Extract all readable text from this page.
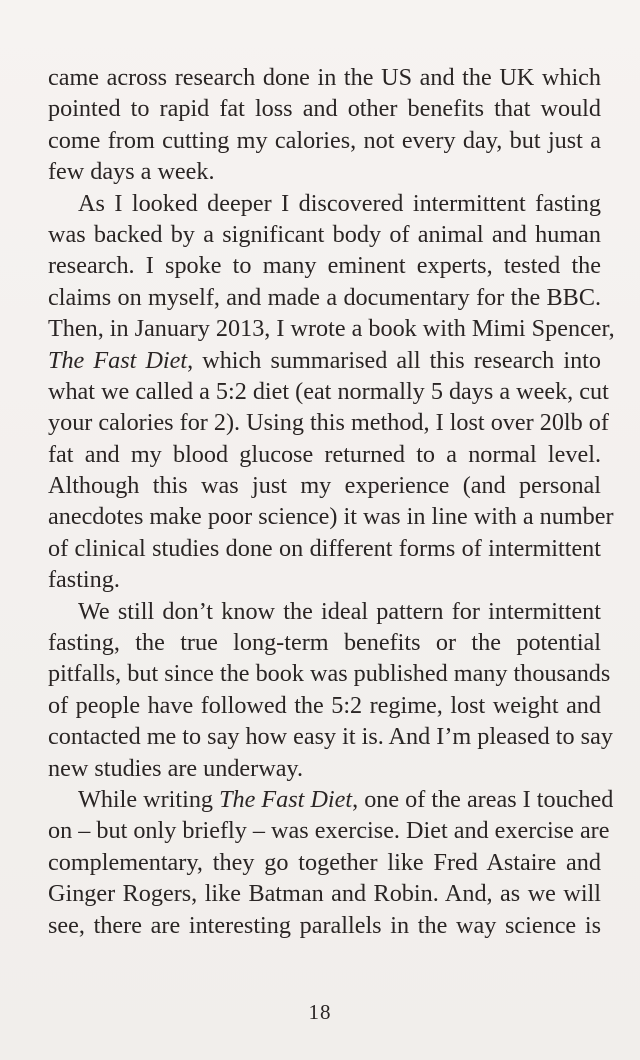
came across research done in the US and the UK which
pointed to rapid fat loss and other benefits that would
come from cutting my calories, not every day, but just a
few days a week.
As I looked deeper I discovered intermittent fasting
was backed by a significant body of animal and human
research. I spoke to many eminent experts, tested the
claims on myself, and made a documentary for the BBC.
Then, in January 2013, I wrote a book with Mimi Spencer,
The Fast Diet, which summarised all this research into
what we called a 5:2 diet (eat normally 5 days a week, cut
your calories for 2). Using this method, I lost over 20lb of
fat and my blood glucose returned to a normal level.
Although this was just my experience (and personal
anecdotes make poor science) it was in line with a number
of clinical studies done on different forms of intermittent
fasting.
We still don’t know the ideal pattern for intermittent
fasting, the true long-term benefits or the potential
pitfalls, but since the book was published many thousands
of people have followed the 5:2 regime, lost weight and
contacted me to say how easy it is. And I’m pleased to say
new studies are underway.
While writing The Fast Diet, one of the areas I touched
on – but only briefly – was exercise. Diet and exercise are
complementary, they go together like Fred Astaire and
Ginger Rogers, like Batman and Robin. And, as we will
see, there are interesting parallels in the way science is
18
